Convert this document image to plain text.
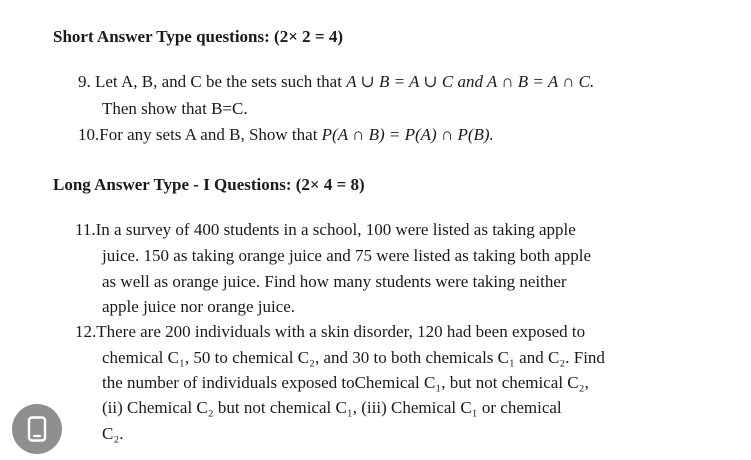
Short Answer Type questions: (2× 2 = 4)
9. Let A, B, and C be the sets such that A ∪ B = A ∪ C and A ∩ B = A ∩ C.
Then show that B=C.
10.For any sets A and B, Show that P(A ∩ B) = P(A) ∩ P(B).
Long Answer Type - I Questions: (2× 4 = 8)
11.In a survey of 400 students in a school, 100 were listed as taking apple
juice. 150 as taking orange juice and 75 were listed as taking both apple
as well as orange juice. Find how many students were taking neither
apple juice nor orange juice.
12.There are 200 individuals with a skin disorder, 120 had been exposed to
chemical C₁, 50 to chemical C₂, and 30 to both chemicals C₁ and C₂. Find
the number of individuals exposed toChemical C₁, but not chemical C₂,
(ii) Chemical C₂ but not chemical C₁, (iii) Chemical C₁ or chemical
C₂.
